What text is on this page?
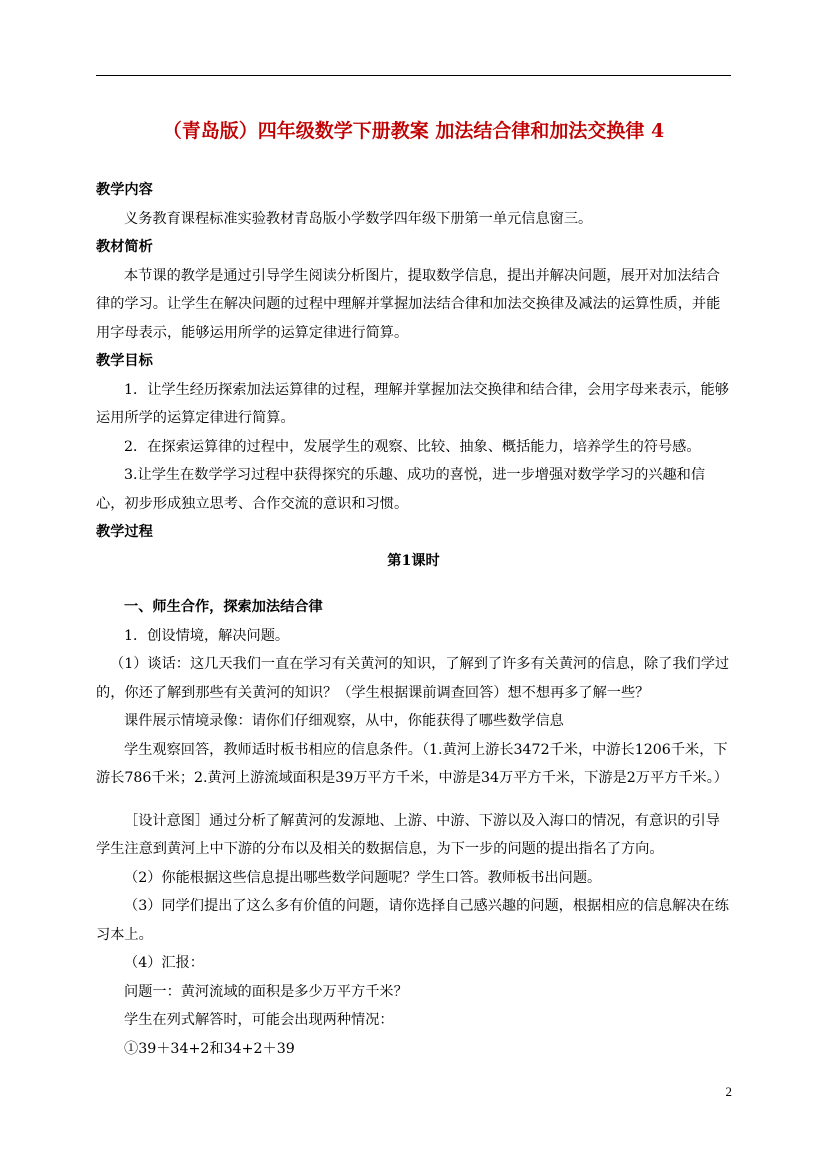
（青岛版）四年级数学下册教案 加法结合律和加法交换律 4

教学内容

义务教育课程标准实验教材青岛版小学数学四年级下册第一单元信息窗三。

教材简析

本节课的教学是通过引导学生阅读分析图片，提取数学信息，提出并解决问题，展开对加法结合律的学习。让学生在解决问题的过程中理解并掌握加法结合律和加法交换律及减法的运算性质，并能用字母表示，能够运用所学的运算定律进行简算。

教学目标

1．让学生经历探索加法运算律的过程，理解并掌握加法交换律和结合律，会用字母来表示，能够运用所学的运算定律进行简算。

2．在探索运算律的过程中，发展学生的观察、比较、抽象、概括能力，培养学生的符号感。

3.让学生在数学学习过程中获得探究的乐趣、成功的喜悦，进一步增强对数学学习的兴趣和信心，初步形成独立思考、合作交流的意识和习惯。

教学过程

第1课时

一、师生合作，探索加法结合律

1．创设情境，解决问题。

（1）谈话：这几天我们一直在学习有关黄河的知识，了解到了许多有关黄河的信息，除了我们学过的，你还了解到那些有关黄河的知识？（学生根据课前调查回答）想不想再多了解一些？

课件展示情境录像：请你们仔细观察，从中，你能获得了哪些数学信息

学生观察回答，教师适时板书相应的信息条件。（1.黄河上游长3472千米，中游长1206千米，下游长786千米；2.黄河上游流域面积是39万平方千米，中游是34万平方千米，下游是2万平方千米。）

［设计意图］通过分析了解黄河的发源地、上游、中游、下游以及入海口的情况，有意识的引导学生注意到黄河上中下游的分布以及相关的数据信息，为下一步的问题的提出指名了方向。

（2）你能根据这些信息提出哪些数学问题呢？学生口答。教师板书出问题。

（3）同学们提出了这么多有价值的问题，请你选择自己感兴趣的问题，根据相应的信息解决在练习本上。

（4）汇报：

问题一：黄河流域的面积是多少万平方千米？

学生在列式解答时，可能会出现两种情况：

①39＋34+2和34+2＋39

2
